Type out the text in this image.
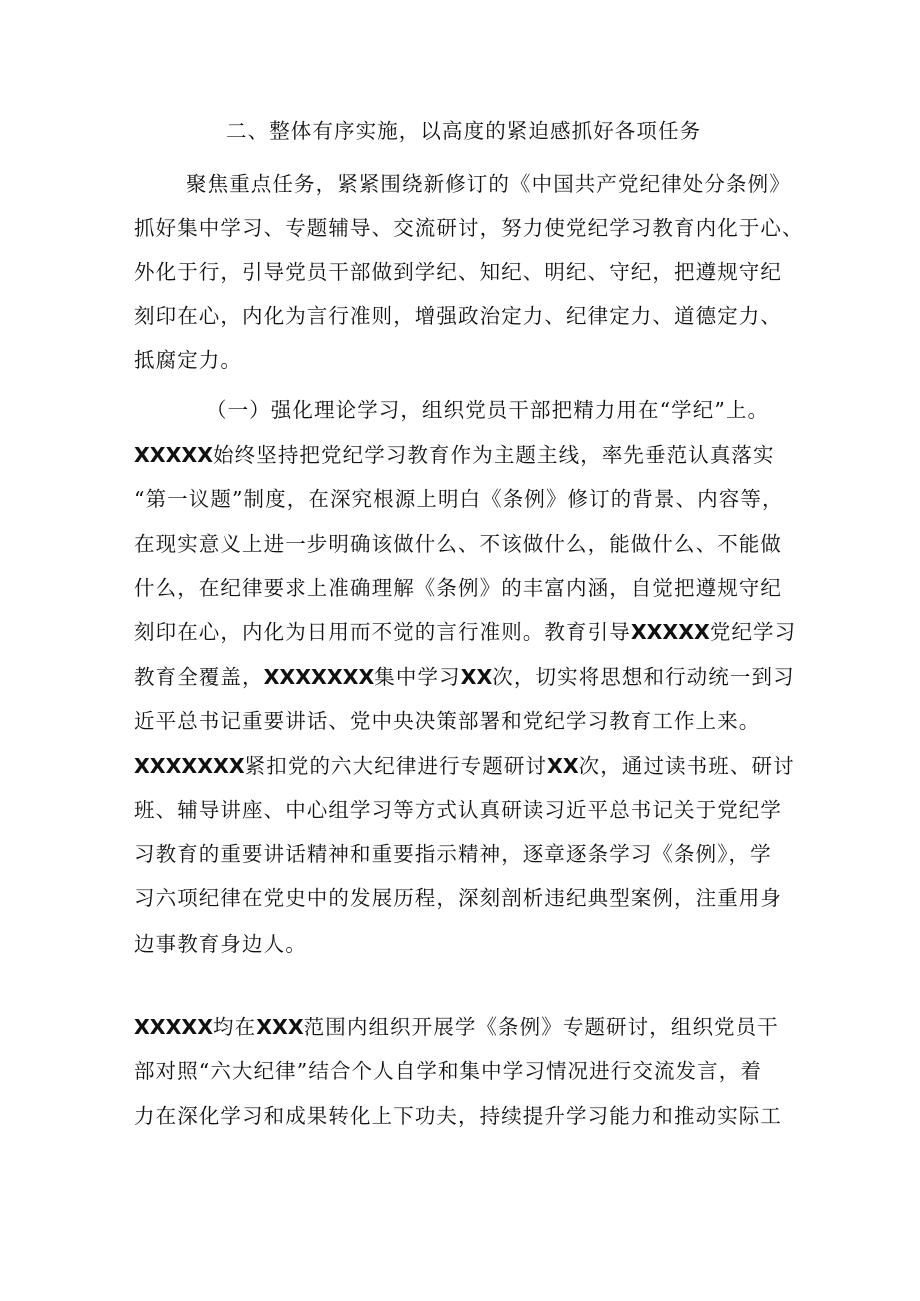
二、整体有序实施，以高度的紧迫感抓好各项任务
聚焦重点任务，紧紧围绕新修订的《中国共产党纪律处分条例》
抓好集中学习、专题辅导、交流研讨，努力使党纪学习教育内化于心、
外化于行，引导党员干部做到学纪、知纪、明纪、守纪，把遵规守纪
刻印在心，内化为言行准则，增强政治定力、纪律定力、道德定力、
抵腐定力。
（一）强化理论学习，组织党员干部把精力用在“学纪”上。
XXXXX始终坚持把党纪学习教育作为主题主线，率先垂范认真落实
“第一议题”制度，在深究根源上明白《条例》修订的背景、内容等，
在现实意义上进一步明确该做什么、不该做什么，能做什么、不能做
什么，在纪律要求上准确理解《条例》的丰富内涵，自觉把遵规守纪
刻印在心，内化为日用而不觉的言行准则。教育引导XXXXX党纪学习
教育全覆盖，XXXXXXX集中学习XX次，切实将思想和行动统一到习
近平总书记重要讲话、党中央决策部署和党纪学习教育工作上来。
XXXXXXX紧扣党的六大纪律进行专题研讨XX次，通过读书班、研讨
班、辅导讲座、中心组学习等方式认真研读习近平总书记关于党纪学
习教育的重要讲话精神和重要指示精神，逐章逐条学习《条例》，学
习六项纪律在党史中的发展历程，深刻剖析违纪典型案例，注重用身
边事教育身边人。
XXXXX均在XXX范围内组织开展学《条例》专题研讨，组织党员干
部对照“六大纪律”结合个人自学和集中学习情况进行交流发言，着
力在深化学习和成果转化上下功夫，持续提升学习能力和推动实际工
